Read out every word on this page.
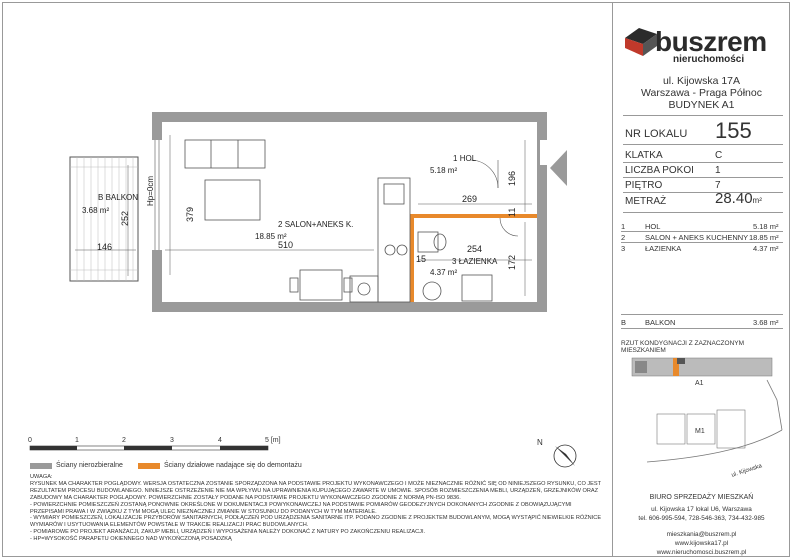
1 HOL
5.18 m²
2 SALON+ANEKS K.
18.85 m²
3 ŁAZIENKA
4.37 m²
B BALKON
3.68 m²
Hp=0cm
379
510
269
254
196
172
252
146
11
15
0	1	2	3	4	5 [m]	N
Ściany nierozbieralne	Ściany działowe nadające się do demontażu

UWAGA:

RYSUNEK MA CHARAKTER POGLĄDOWY. WERSJA OSTATECZNA ZOSTANIE SPORZĄDZONA NA PODSTAWIE PROJEKTU WYKONAWCZEGO I MOŻE NIEZNACZNIE RÓŻNIĆ SIĘ OD NINIEJSZEGO RYSUNKU, CO JEST REZULTATEM PROCESU BUDOWLANEGO. NINIEJSZE OSTRZEŻENIE NIE MA WPŁYWU NA UPRAWNIENIA KUPUJĄCEGO ZAWARTE W UMOWIE. SPOSÓB ROZMIESZCZENIA MEBLI, URZĄDZEŃ, GRZEJNIKÓW ORAZ ZABUDOWY MA CHARAKTER POGLĄDOWY. POWIERZCHNIE ZOSTAŁY PODANE NA PODSTAWIE PROJEKTU WYKONAWCZEGO ZGODNIE Z NORMĄ PN-ISO 9836.

- POWIERZCHNIE POMIESZCZEŃ ZOSTANĄ PONOWNIE OKREŚLONE W DOKUMENTACJI POWYKONAWCZEJ NA PODSTAWIE POMIARÓW GEODEZYJNYCH DOKONANYCH ZGODNIE Z OBOWIĄZUJĄCYMI PRZEPISAMI PRAWA I W ZWIĄZKU Z TYM MOGĄ ULEC NIEZNACZNEJ ZMIANIE W STOSUNKU DO PODANYCH W TYM MATERIALE.

- WYMIARY POMIESZCZEŃ, LOKALIZACJE PRZYBORÓW SANITARNYCH, PODŁĄCZEŃ POD URZĄDZENIA SANITARNE ITP. PODANO ZGODNIE Z PROJEKTEM BUDOWLANYM, MOGĄ WYSTĄPIĆ NIEWIELKIE RÓŻNICE WYMIARÓW I USYTUOWANIA ELEMENTÓW POWSTAŁE W TRAKCIE REALIZACJI PRAC BUDOWLANYCH.

- POMIAROWE PO PROJEKT ARANŻACJI, ZAKUP MEBLI, URZĄDZEŃ I WYPOSAŻENIA NALEŻY DOKONAĆ Z NATURY PO ZAKOŃCZENIU REALIZACJI.

- HP=WYSOKOŚĆ PARAPETU OKIENNEGO NAD WYKOŃCZONĄ POSADZKĄ

buszrem
nieruchomości
ul. Kijowska 17A
Warszawa - Praga Północ
BUDYNEK A1
NR LOKALU 155
KLATKA	C
LICZBA POKOI 1
PIĘTRO	7
METRAŻ	28.40m²
1	HOL	5.18 m²
2	SALON + ANEKS KUCHENNY 18.85 m²
3	ŁAZIENKA	4.37 m²
B	BALKON	3.68 m²
RZUT KONDYGNACJI Z ZAZNACZONYM MIESZKANIEM
A1
M1
ul. Kijowska
BIURO SPRZEDAŻY MIESZKAŃ
ul. Kijowska 17 lokal U6, Warszawa
tel. 606-995-594, 728-546-363, 734-432-985
mieszkania@buszrem.pl
www.kijowska17.pl
www.nieruchomosci.buszrem.pl
